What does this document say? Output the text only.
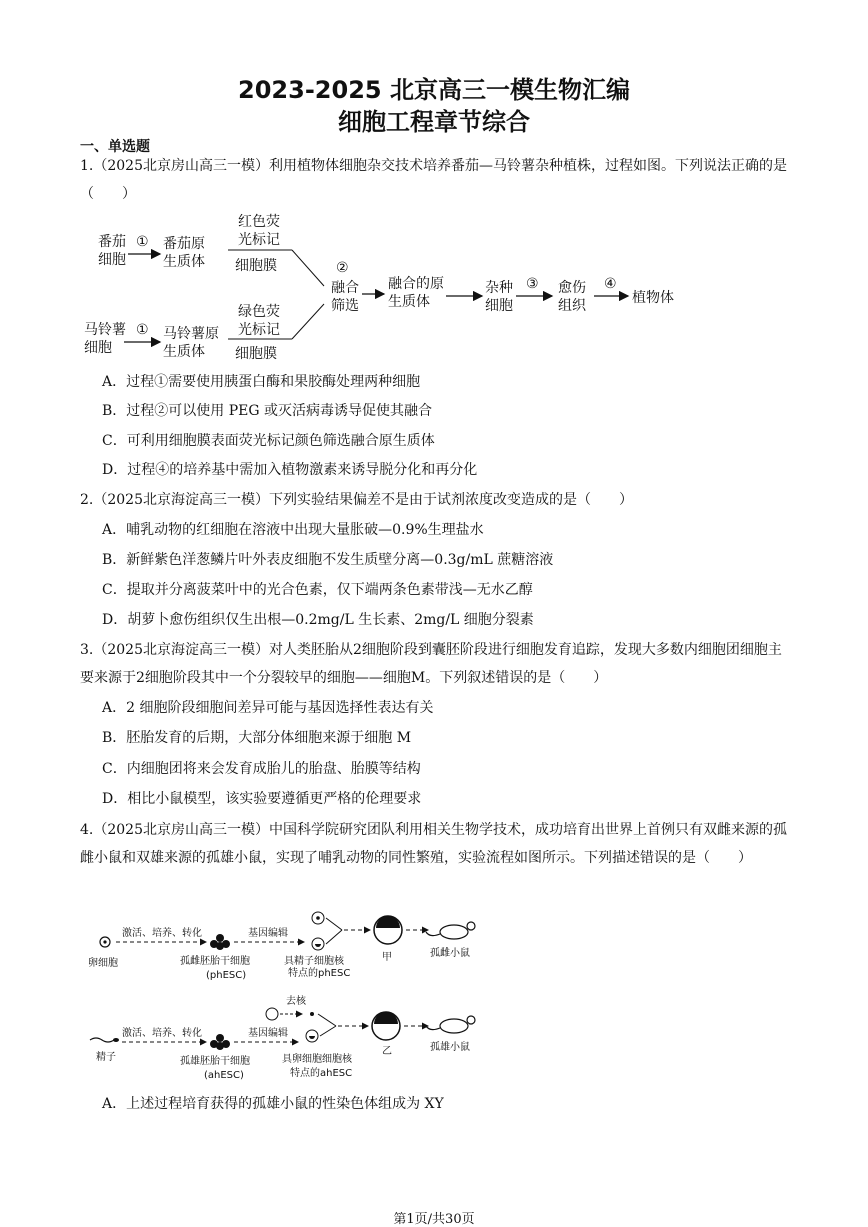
2023-2025 北京高三一模生物汇编
细胞工程章节综合
一、单选题
1.（2025北京房山高三一模）利用植物体细胞杂交技术培养番茄—马铃薯杂种植株，过程如图。下列说法正确的是（　　）
番茄
细胞
① 番茄原
生质体
红色荧
光标记
细胞膜
马铃薯
细胞
① 马铃薯原
生质体
绿色荧
光标记
细胞膜
②
融合
筛选
融合的原
生质体
杂种
细胞
③ 愈伤
组织
④
植物体
A．过程①需要使用胰蛋白酶和果胶酶处理两种细胞
B．过程②可以使用 PEG 或灭活病毒诱导促使其融合
C．可利用细胞膜表面荧光标记颜色筛选融合原生质体
D．过程④的培养基中需加入植物激素来诱导脱分化和再分化
2.（2025北京海淀高三一模）下列实验结果偏差不是由于试剂浓度改变造成的是（　　）
A．哺乳动物的红细胞在溶液中出现大量胀破—0.9%生理盐水
B．新鲜紫色洋葱鳞片叶外表皮细胞不发生质壁分离—0.3g/mL 蔗糖溶液
C．提取并分离菠菜叶中的光合色素，仅下端两条色素带浅—无水乙醇
D．胡萝卜愈伤组织仅生出根—0.2mg/L 生长素、2mg/L 细胞分裂素
3.（2025北京海淀高三一模）对人类胚胎从2细胞阶段到囊胚阶段进行细胞发育追踪，发现大多数内细胞团细胞主要来源于2细胞阶段其中一个分裂较早的细胞——细胞M。下列叙述错误的是（　　）
A．2 细胞阶段细胞间差异可能与基因选择性表达有关
B．胚胎发育的后期，大部分体细胞来源于细胞 M
C．内细胞团将来会发育成胎儿的胎盘、胎膜等结构
D．相比小鼠模型，该实验要遵循更严格的伦理要求
4.（2025北京房山高三一模）中国科学院研究团队利用相关生物学技术，成功培育出世界上首例只有双雌来源的孤雌小鼠和双雄来源的孤雄小鼠，实现了哺乳动物的同性繁殖，实验流程如图所示。下列描述错误的是（　　）
卵细胞
激活、培养、转化	基因编辑
孤雌胚胎干细胞
(phESC)
具精子细胞核
特点的phESC
甲	孤雌小鼠
去核
精子
激活、培养、转化	基因编辑
孤雄胚胎干细胞
(ahESC)
具卵细胞细胞核
特点的ahESC
乙	孤雄小鼠
A．上述过程培育获得的孤雄小鼠的性染色体组成为 XY
第1页/共30页
